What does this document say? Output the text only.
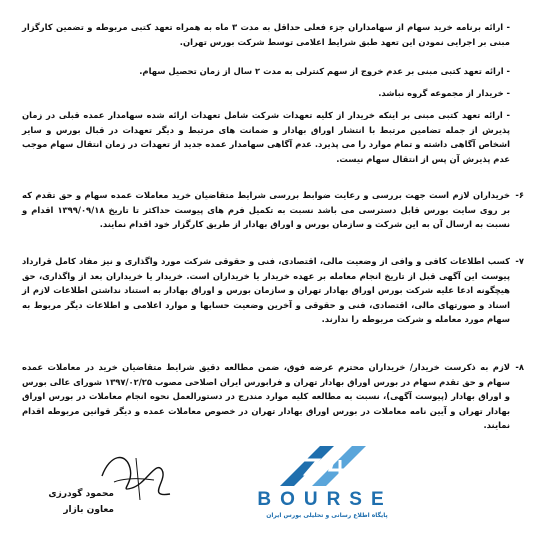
- ارائه برنامه خرید سهام از سهامداران جزء فعلی حداقل به مدت ۳ ماه به همراه تعهد کتبی مربوطه و تضمین کارگزار مبنی بر اجرایی نمودن این تعهد طبق شرایط اعلامی توسط شرکت بورس تهران.
- ارائه تعهد کتبی مبنی بر عدم خروج از سهم کنترلی به مدت ۲ سال از زمان تحصیل سهام.
- خریدار از مجموعه گروه نباشد.
- ارائه تعهد کتبی مبنی بر اینکه خریدار از کلیه تعهدات شرکت شامل تعهدات ارائه شده سهامدار عمده قبلی در زمان پذیرش از جمله تضامین مرتبط با انتشار اوراق بهادار و ضمانت های مرتبط و دیگر تعهدات در قبال بورس و سایر اشخاص آگاهی داشته و تمام موارد را می پذیرد. عدم آگاهی سهامدار عمده جدید از تعهدات در زمان انتقال سهام موجب عدم پذیرش آن پس از انتقال سهام نیست.
۶-
خریداران لازم است جهت بررسی و رعایت ضوابط بررسی شرایط متقاضیان خرید معاملات عمده سهام و حق تقدم که بر روی سایت بورس قابل دسترسی می باشد نسبت به تکمیل فرم های پیوست حداکثر تا تاریخ ۱۳۹۹/۰۹/۱۸ اقدام و نسبت به ارسال آن به این شرکت و سازمان بورس و اوراق بهادار از طریق کارگزار خود اقدام نمایند.
۷-
کسب اطلاعات کافی و وافی از وضعیت مالی، اقتصادی، فنی و حقوقی شرکت مورد واگذاری و نیز مفاد کامل قرارداد پیوست این آگهی قبل از تاریخ انجام معامله بر عهده خریدار یا خریداران است. خریدار یا خریداران بعد از واگذاری، حق هیچگونه ادعا علیه شرکت بورس اوراق بهادار تهران و سازمان بورس و اوراق بهادار به استناد نداشتن اطلاعات لازم از اسناد و صورتهای مالی، اقتصادی، فنی و حقوقی و آخرین وضعیت حسابها و موارد اعلامی و اطلاعات دیگر مربوط به سهام مورد معامله و شرکت مربوطه را ندارند.
۸-
لازم به ذکرست خریدار/ خریداران محترم عرضه فوق، ضمن مطالعه دقیق شرایط متقاضیان خرید در معاملات عمده سهام و حق تقدم سهام در بورس اوراق بهادار تهران و فرابورس ایران اصلاحی مصوب ۱۳۹۷/۰۲/۲۵ شورای عالی بورس و اوراق بهادار (پیوست آگهی)، نسبت به مطالعه کلیه موارد مندرج در دستورالعمل نحوه انجام معاملات در بورس اوراق بهادار تهران و آیین نامه معاملات در بورس اوراق بهادار تهران در خصوص معاملات عمده و دیگر قوانین مربوطه اقدام نمایند.
محمود گودرزی
معاون بازار	BOURSE
پایگاه اطلاع رسانی و تحلیلی بورس ایران
